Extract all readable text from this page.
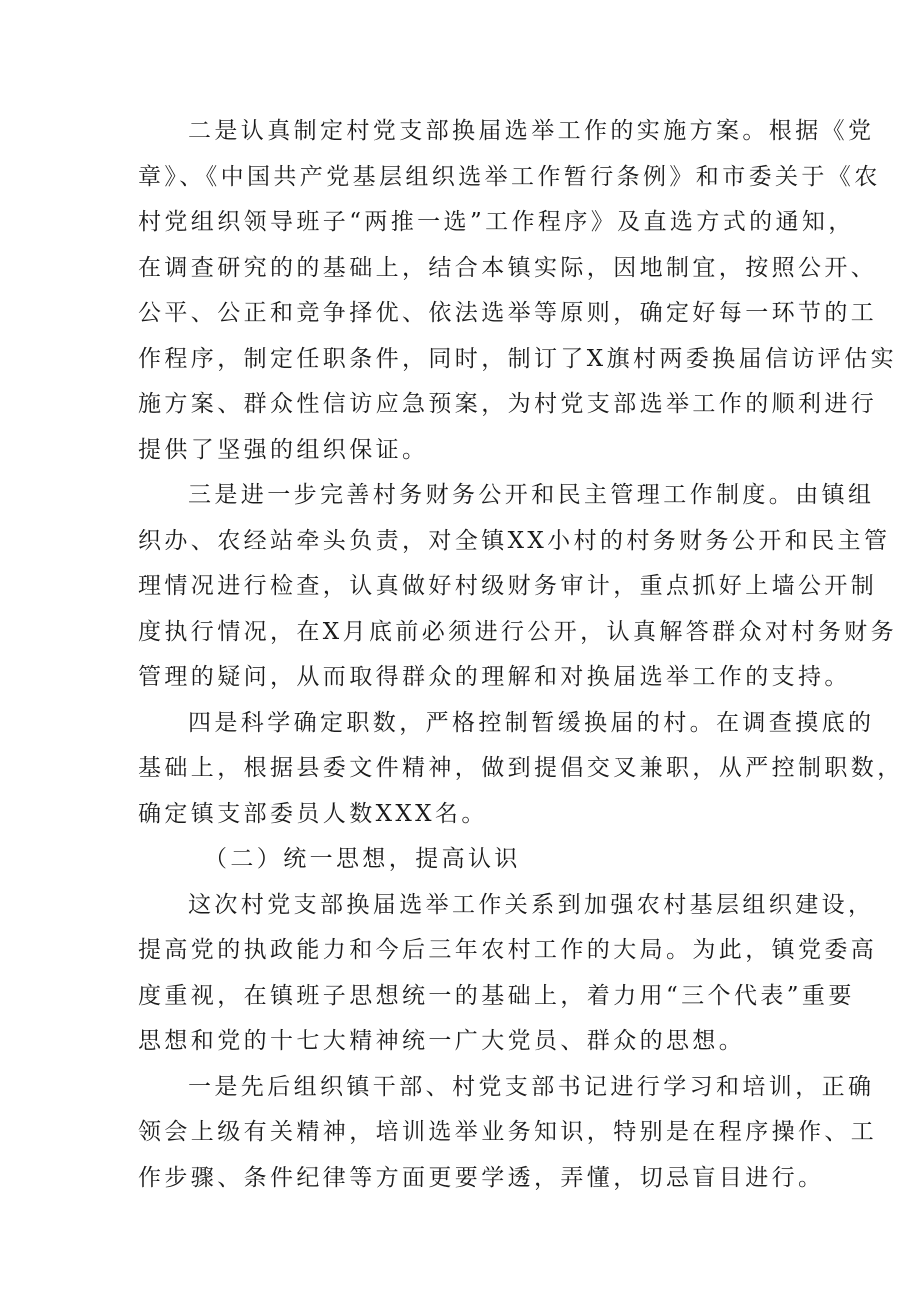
二是认真制定村党支部换届选举工作的实施方案。根据《党
章》、《中国共产党基层组织选举工作暂行条例》和市委关于《农
村党组织领导班子“两推一选”工作程序》及直选方式的通知，
在调查研究的的基础上，结合本镇实际，因地制宜，按照公开、
公平、公正和竞争择优、依法选举等原则，确定好每一环节的工
作程序，制定任职条件，同时，制订了X旗村两委换届信访评估实
施方案、群众性信访应急预案，为村党支部选举工作的顺利进行
提供了坚强的组织保证。
三是进一步完善村务财务公开和民主管理工作制度。由镇组
织办、农经站牵头负责，对全镇XX小村的村务财务公开和民主管
理情况进行检查，认真做好村级财务审计，重点抓好上墙公开制
度执行情况，在X月底前必须进行公开，认真解答群众对村务财务
管理的疑问，从而取得群众的理解和对换届选举工作的支持。
四是科学确定职数，严格控制暂缓换届的村。在调查摸底的
基础上，根据县委文件精神，做到提倡交叉兼职，从严控制职数，
确定镇支部委员人数XXX名。
（二）统一思想，提高认识
这次村党支部换届选举工作关系到加强农村基层组织建设，
提高党的执政能力和今后三年农村工作的大局。为此，镇党委高
度重视，在镇班子思想统一的基础上，着力用“三个代表”重要
思想和党的十七大精神统一广大党员、群众的思想。
一是先后组织镇干部、村党支部书记进行学习和培训，正确
领会上级有关精神，培训选举业务知识，特别是在程序操作、工
作步骤、条件纪律等方面更要学透，弄懂，切忌盲目进行。
